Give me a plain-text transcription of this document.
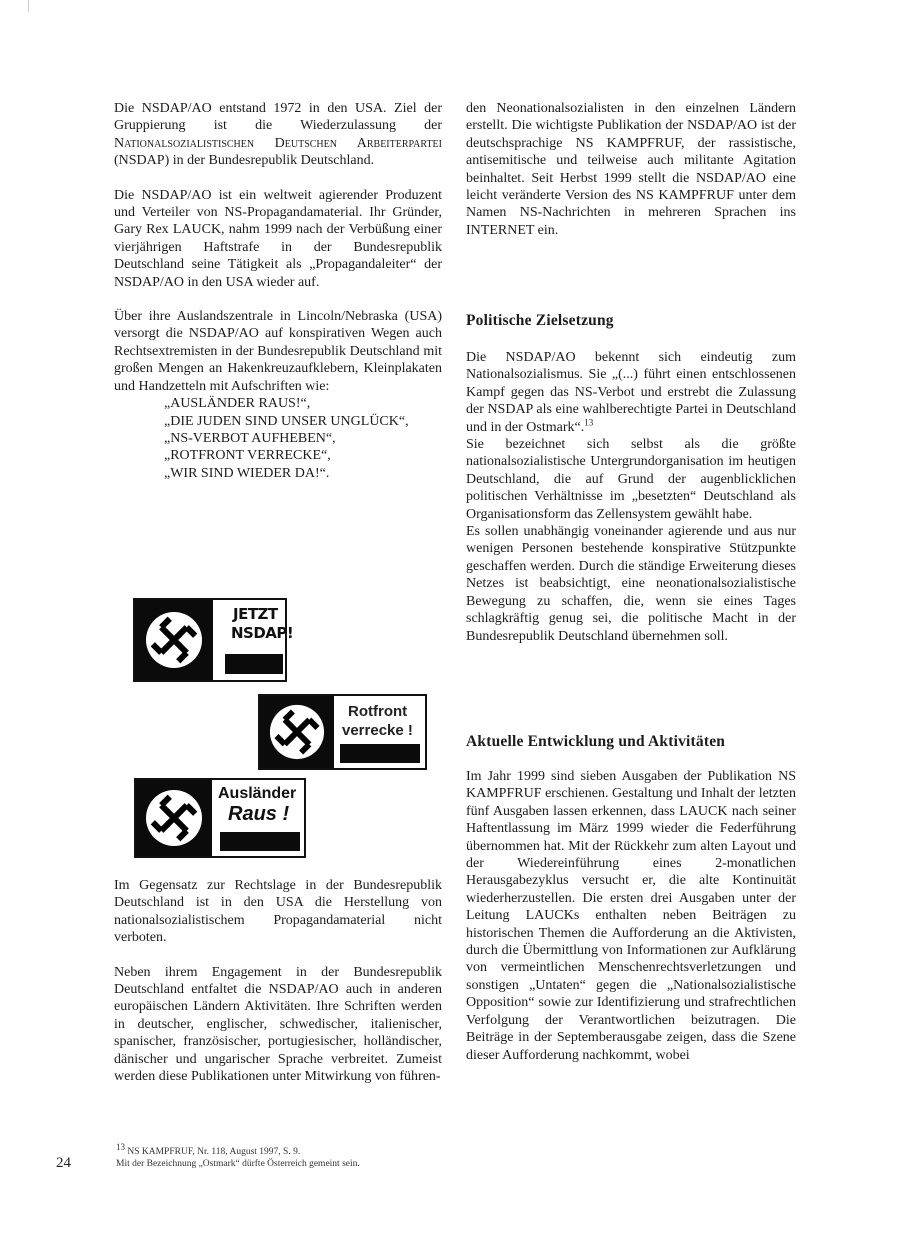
Die NSDAP/AO entstand 1972 in den USA. Ziel der Gruppierung ist die Wiederzulassung der Nationalsozialistischen Deutschen Arbeiterpartei (NSDAP) in der Bundesrepublik Deutschland.

Die NSDAP/AO ist ein weltweit agierender Produzent und Verteiler von NS-Propagandamaterial. Ihr Gründer, Gary Rex LAUCK, nahm 1999 nach der Verbüßung einer vierjährigen Haftstrafe in der Bundesrepublik Deutschland seine Tätigkeit als „Propagandaleiter“ der NSDAP/AO in den USA wieder auf.

Über ihre Auslandszentrale in Lincoln/Nebraska (USA) versorgt die NSDAP/AO auf konspirativen Wegen auch Rechtsextremisten in der Bundesrepublik Deutschland mit großen Mengen an Hakenkreuzaufklebern, Kleinplakaten und Handzetteln mit Aufschriften wie:

„AUSLÄNDER RAUS!“,
„DIE JUDEN SIND UNSER UNGLÜCK“,
„NS-VERBOT AUFHEBEN“,
„ROTFRONT VERRECKE“,
„WIR SIND WIEDER DA!“.

Im Gegensatz zur Rechtslage in der Bundesrepublik Deutschland ist in den USA die Herstellung von nationalsozialistischem Propagandamaterial nicht verboten.

Neben ihrem Engagement in der Bundesrepublik Deutschland entfaltet die NSDAP/AO auch in anderen europäischen Ländern Aktivitäten. Ihre Schriften werden in deutscher, englischer, schwedischer, italienischer, spanischer, französischer, portugiesischer, holländischer, dänischer und ungarischer Sprache verbreitet. Zumeist werden diese Publikationen unter Mitwirkung von führen-

JETZT
NSDAP!
Rotfront
verrecke !
Ausländer
Raus !

den Neonationalsozialisten in den einzelnen Ländern erstellt. Die wichtigste Publikation der NSDAP/AO ist der deutschsprachige NS KAMPFRUF, der rassistische, antisemitische und teilweise auch militante Agitation beinhaltet. Seit Herbst 1999 stellt die NSDAP/AO eine leicht veränderte Version des NS KAMPFRUF unter dem Namen NS-Nachrichten in mehreren Sprachen ins INTERNET ein.

Politische Zielsetzung

Die NSDAP/AO bekennt sich eindeutig zum Nationalsozialismus. Sie „(...) führt einen entschlossenen Kampf gegen das NS-Verbot und erstrebt die Zulassung der NSDAP als eine wahlberechtigte Partei in Deutschland und in der Ostmark“.$^{13}$

Sie bezeichnet sich selbst als die größte nationalsozialistische Untergrundorganisation im heutigen Deutschland, die auf Grund der augenblicklichen politischen Verhältnisse im „besetzten“ Deutschland als Organisationsform das Zellensystem gewählt habe.

Es sollen unabhängig voneinander agierende und aus nur wenigen Personen bestehende konspirative Stützpunkte geschaffen werden. Durch die ständige Erweiterung dieses Netzes ist beabsichtigt, eine neonationalsozialistische Bewegung zu schaffen, die, wenn sie eines Tages schlagkräftig genug sei, die politische Macht in der Bundesrepublik Deutschland übernehmen soll.

Aktuelle Entwicklung und Aktivitäten

Im Jahr 1999 sind sieben Ausgaben der Publikation NS KAMPFRUF erschienen. Gestaltung und Inhalt der letzten fünf Ausgaben lassen erkennen, dass LAUCK nach seiner Haftentlassung im März 1999 wieder die Federführung übernommen hat. Mit der Rückkehr zum alten Layout und der Wiedereinführung eines 2-monatlichen Herausgabezyklus versucht er, die alte Kontinuität wiederherzustellen. Die ersten drei Ausgaben unter der Leitung LAUCKs enthalten neben Beiträgen zu historischen Themen die Aufforderung an die Aktivisten, durch die Übermittlung von Informationen zur Aufklärung von vermeintlichen Menschenrechtsverletzungen und sonstigen „Untaten“ gegen die „Nationalsozialistische Opposition“ sowie zur Identifizierung und strafrechtlichen Verfolgung der Verantwortlichen beizutragen. Die Beiträge in der Septemberausgabe zeigen, dass die Szene dieser Aufforderung nachkommt, wobei

$^{13}$ NS KAMPFRUF, Nr. 118, August 1997, S. 9.
Mit der Bezeichnung „Ostmark“ dürfte Österreich gemeint sein.
24
